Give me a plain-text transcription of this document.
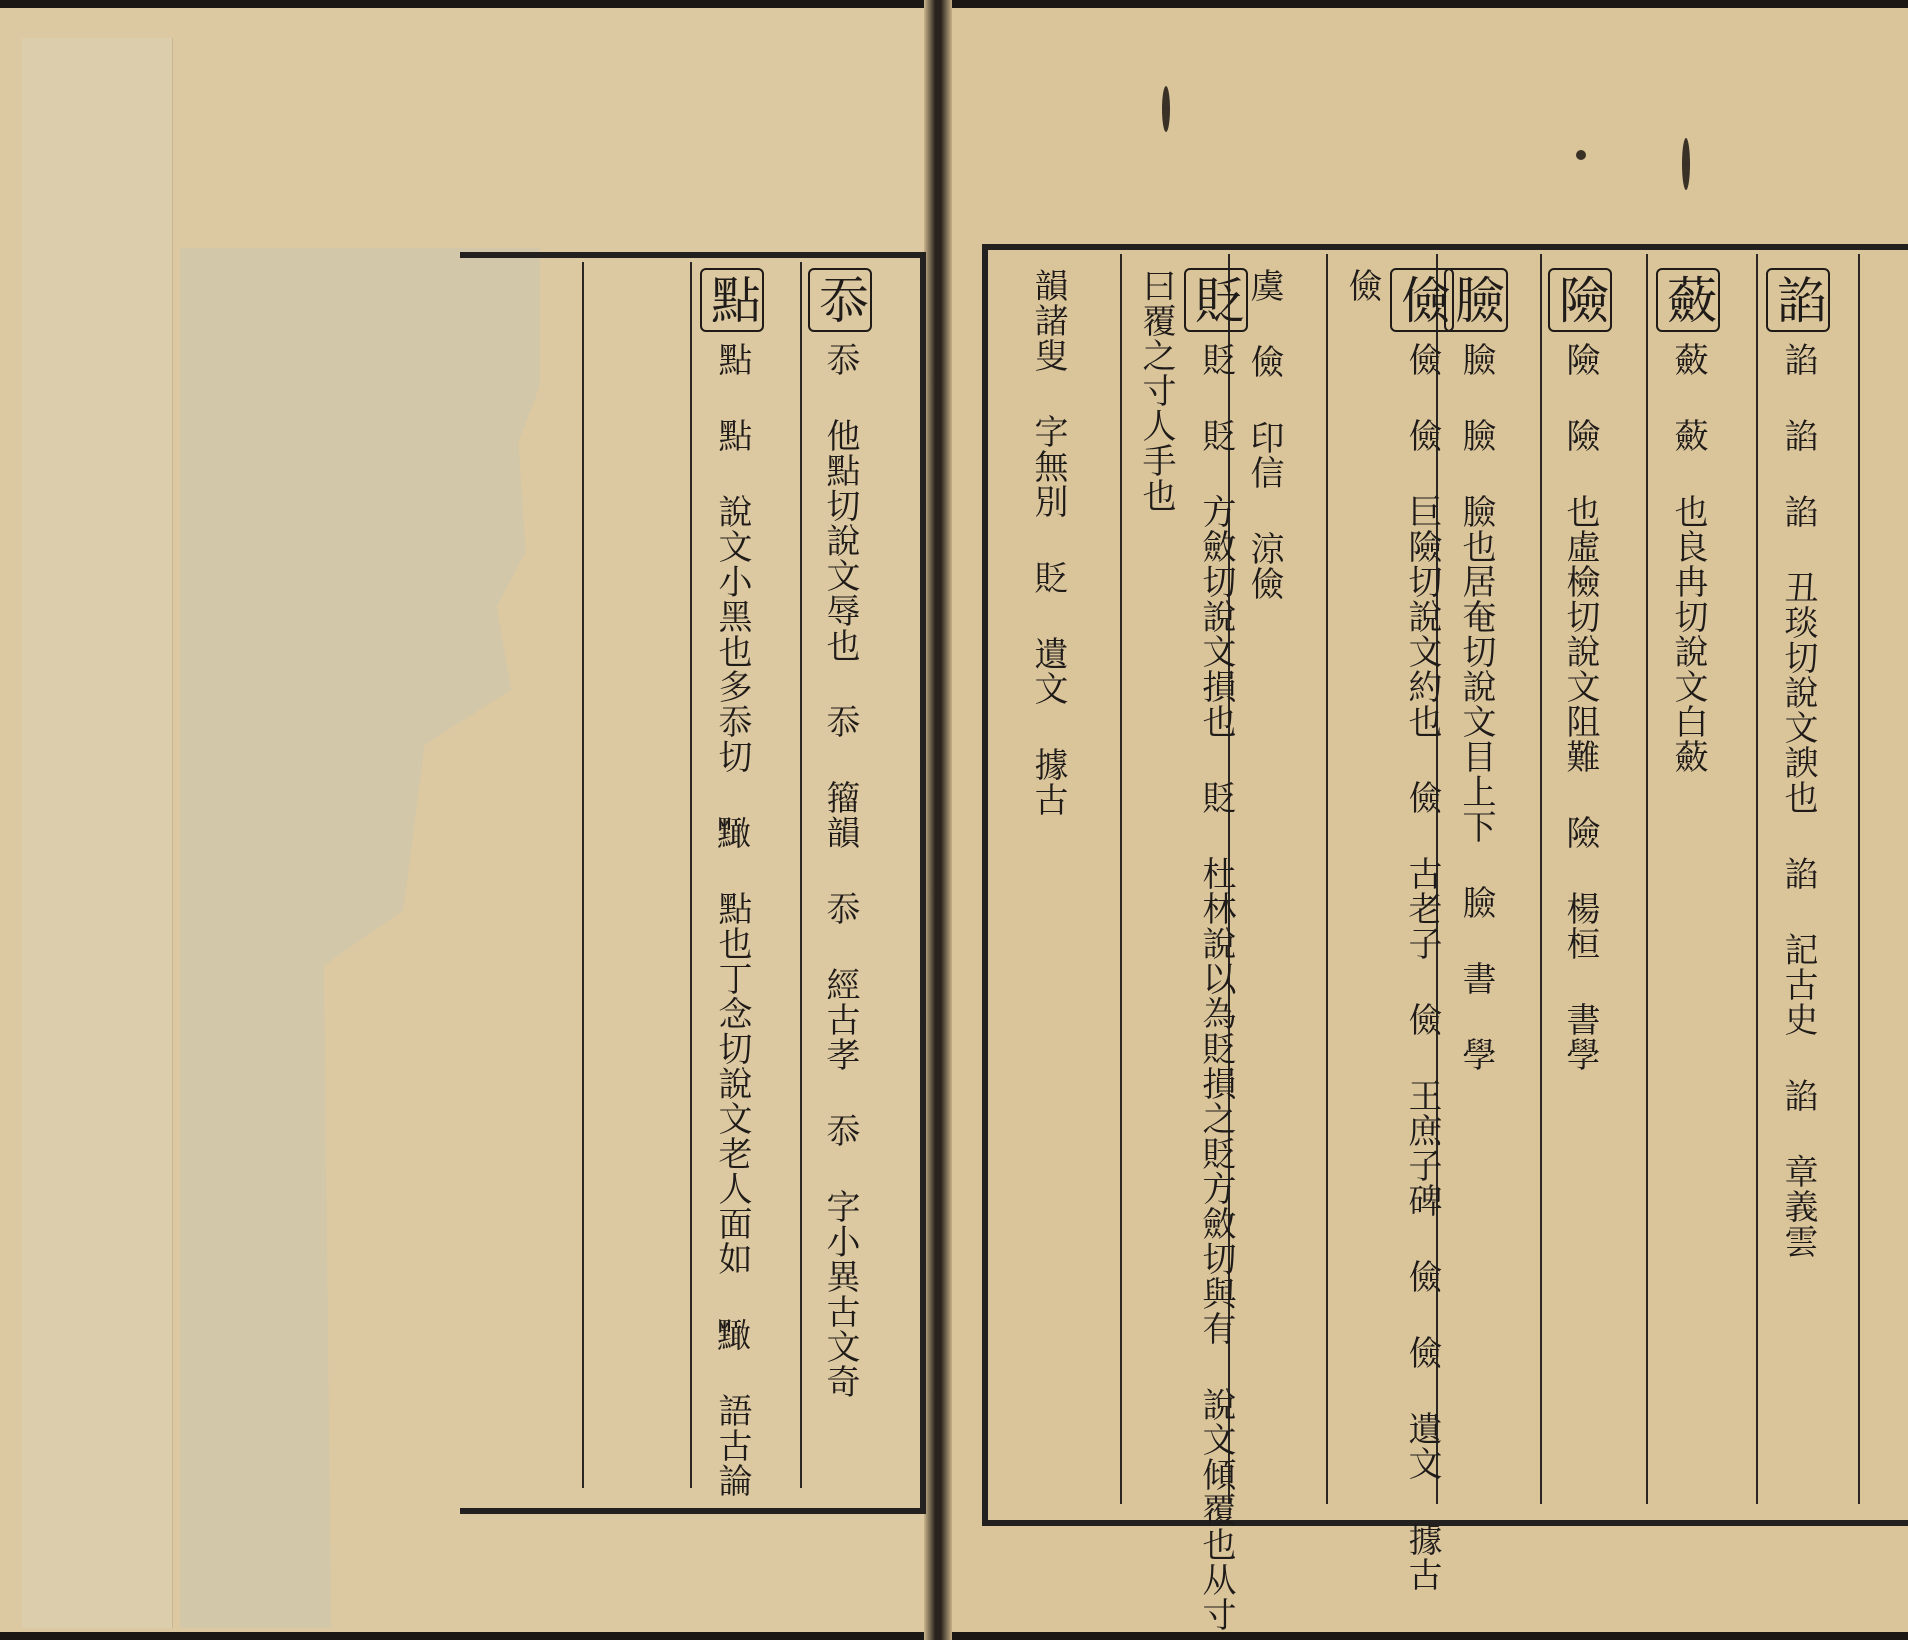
點點 點 說文小黑也多忝切 𪒠 點也丁念切說文老人面如 𪒠 語古論
忝忝 他點切說文辱也 忝 籀韻 忝 經古孝 忝 字小異古文奇
諂諂 諂 諂 丑琰切說文諛也 諂 記古史 諂 章義雲
蘞蘞 蘞 也良冉切說文白蘞
險險 險 也虛檢切說文阻難 險 楊桓 書學
臉臉 臉 臉也居奄切說文目上下 臉 書 學
儉儉 儉 巨險切說文約也 儉 古老子 儉 王庶子碑 儉 儉 遺文 據古 儉
貶貶 貶 方斂切說文損也 貶 杜林說以為貶損之貶方斂切與有 說文傾覆也从寸曰覆之寸人手也	虞 儉 印信 涼儉
韻諸叟 字無別 貶 遺文 據古
